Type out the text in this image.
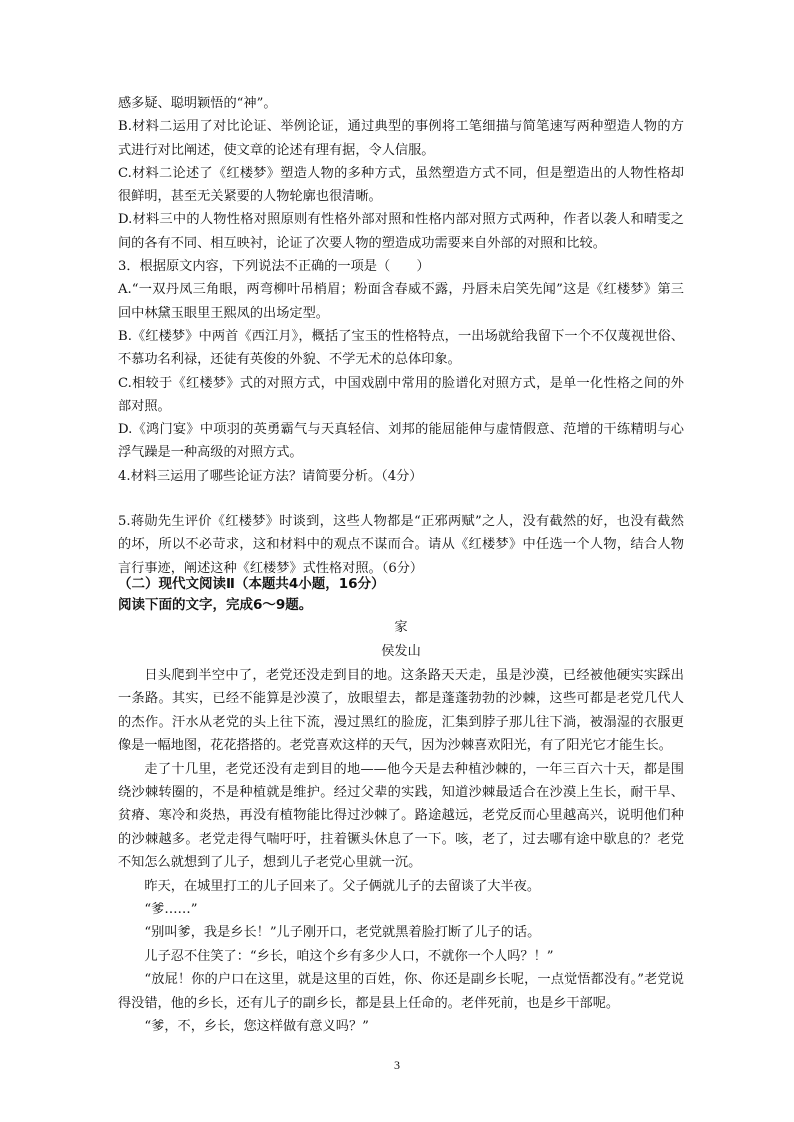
感多疑、聪明颖悟的“神”。

B.材料二运用了对比论证、举例论证，通过典型的事例将工笔细描与简笔速写两种塑造人物的方式进行对比阐述，使文章的论述有理有据，令人信服。

C.材料二论述了《红楼梦》塑造人物的多种方式，虽然塑造方式不同，但是塑造出的人物性格却很鲜明，甚至无关紧要的人物轮廓也很清晰。

D.材料三中的人物性格对照原则有性格外部对照和性格内部对照方式两种，作者以袭人和晴雯之间的各有不同、相互映衬，论证了次要人物的塑造成功需要来自外部的对照和比较。

3．根据原文内容，下列说法不正确的一项是（　　）

A.“一双丹凤三角眼，两弯柳叶吊梢眉；粉面含春威不露，丹唇未启笑先闻”这是《红楼梦》第三回中林黛玉眼里王熙凤的出场定型。

B.《红楼梦》中两首《西江月》，概括了宝玉的性格特点，一出场就给我留下一个不仅蔑视世俗、不慕功名利禄，还徒有英俊的外貌、不学无术的总体印象。

C.相较于《红楼梦》式的对照方式，中国戏剧中常用的脸谱化对照方式，是单一化性格之间的外部对照。

D.《鸿门宴》中项羽的英勇霸气与天真轻信、刘邦的能屈能伸与虚情假意、范增的干练精明与心浮气躁是一种高级的对照方式。

4.材料三运用了哪些论证方法？请简要分析。（4分）

5.蒋勋先生评价《红楼梦》时谈到，这些人物都是“正邪两赋”之人，没有截然的好，也没有截然的坏，所以不必苛求，这和材料中的观点不谋而合。请从《红楼梦》中任选一个人物，结合人物言行事迹，阐述这种《红楼梦》式性格对照。（6分）

（二）现代文阅读Ⅱ（本题共4小题，16分）

阅读下面的文字，完成6～9题。

家

侯发山

日头爬到半空中了，老党还没走到目的地。这条路天天走，虽是沙漠，已经被他硬实实踩出一条路。其实，已经不能算是沙漠了，放眼望去，都是蓬蓬勃勃的沙棘，这些可都是老党几代人的杰作。汗水从老党的头上往下流，漫过黑红的脸庞，汇集到脖子那儿往下淌，被溻湿的衣服更像是一幅地图，花花搭搭的。老党喜欢这样的天气，因为沙棘喜欢阳光，有了阳光它才能生长。

走了十几里，老党还没有走到目的地——他今天是去种植沙棘的，一年三百六十天，都是围绕沙棘转圈的，不是种植就是维护。经过父辈的实践，知道沙棘最适合在沙漠上生长，耐干旱、贫瘠、寒冷和炎热，再没有植物能比得过沙棘了。路途越远，老党反而心里越高兴，说明他们种的沙棘越多。老党走得气喘吁吁，拄着镢头休息了一下。咳，老了，过去哪有途中歇息的？老党不知怎么就想到了儿子，想到儿子老党心里就一沉。

昨天，在城里打工的儿子回来了。父子俩就儿子的去留谈了大半夜。

“爹……”

“别叫爹，我是乡长！”儿子刚开口，老党就黑着脸打断了儿子的话。

儿子忍不住笑了：“乡长，咱这个乡有多少人口，不就你一个人吗？！”

“放屁！你的户口在这里，就是这里的百姓，你、你还是副乡长呢，一点觉悟都没有。”老党说得没错，他的乡长，还有儿子的副乡长，都是县上任命的。老伴死前，也是乡干部呢。

“爹，不，乡长，您这样做有意义吗？”

3
